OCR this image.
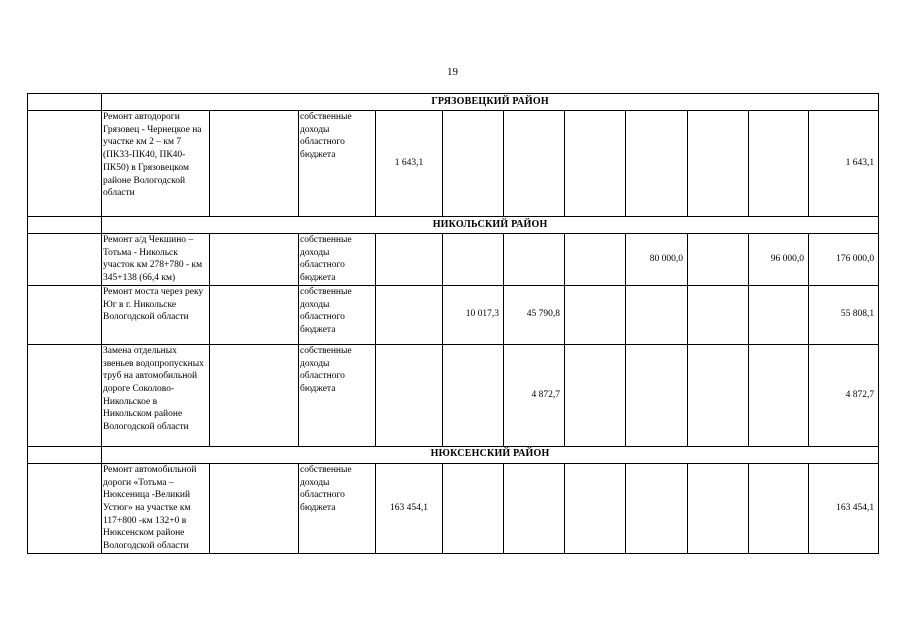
19
	ГРЯЗОВЕЦКИЙ РАЙОН										
	Ремонт автодороги Грязовец - Чернецкое на участке км 2 – км 7 (ПК33-ПК40, ПК40-ПК50) в Грязовецком районе Вологодской области		собственные доходы областного бюджета	1 643,1							1 643,1
	НИКОЛЬСКИЙ РАЙОН										
	Ремонт а/д Чекшино – Тотьма - Никольск участок км 278+780 - км 345+138 (66,4 км)		собственные доходы областного бюджета					80 000,0		96 000,0	176 000,0
	Ремонт моста через реку Юг в г. Никольске Вологодской области		собственные доходы областного бюджета		10 017,3	45 790,8					55 808,1
	Замена отдельных звеньев водопропускных труб на автомобильной дороге Соколово-Никольское в Никольском районе Вологодской области		собственные доходы областного бюджета			4 872,7					4 872,7
	НЮКСЕНСКИЙ РАЙОН										
	Ремонт автомобильной дороги «Тотьма – Нюксеница -Великий Устюг» на участке км 117+800 -км 132+0 в Нюксенском районе Вологодской области		собственные доходы областного бюджета	163 454,1							163 454,1
